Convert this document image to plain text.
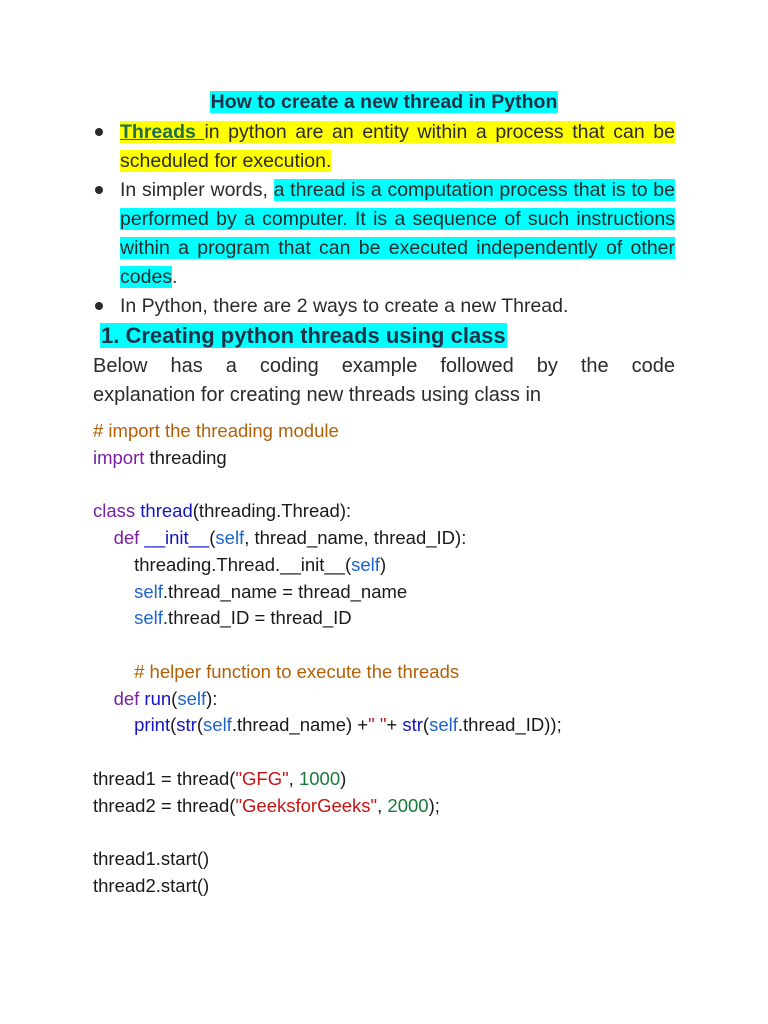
How to create a new thread in Python
Threads in python are an entity within a process that can be scheduled for execution.
In simpler words, a thread is a computation process that is to be performed by a computer. It is a sequence of such instructions within a program that can be executed independently of other codes.
In Python, there are 2 ways to create a new Thread.
1. Creating python threads using class
Below has a coding example followed by the code
explanation for creating new threads using class in
# import the threading module
import threading
class thread(threading.Thread):
def __init__(self, thread_name, thread_ID):
threading.Thread.__init__(self)
self.thread_name = thread_name
self.thread_ID = thread_ID
# helper function to execute the threads
def run(self):
print(str(self.thread_name) +" "+ str(self.thread_ID));
thread1 = thread("GFG", 1000)
thread2 = thread("GeeksforGeeks", 2000);
thread1.start()
thread2.start()
